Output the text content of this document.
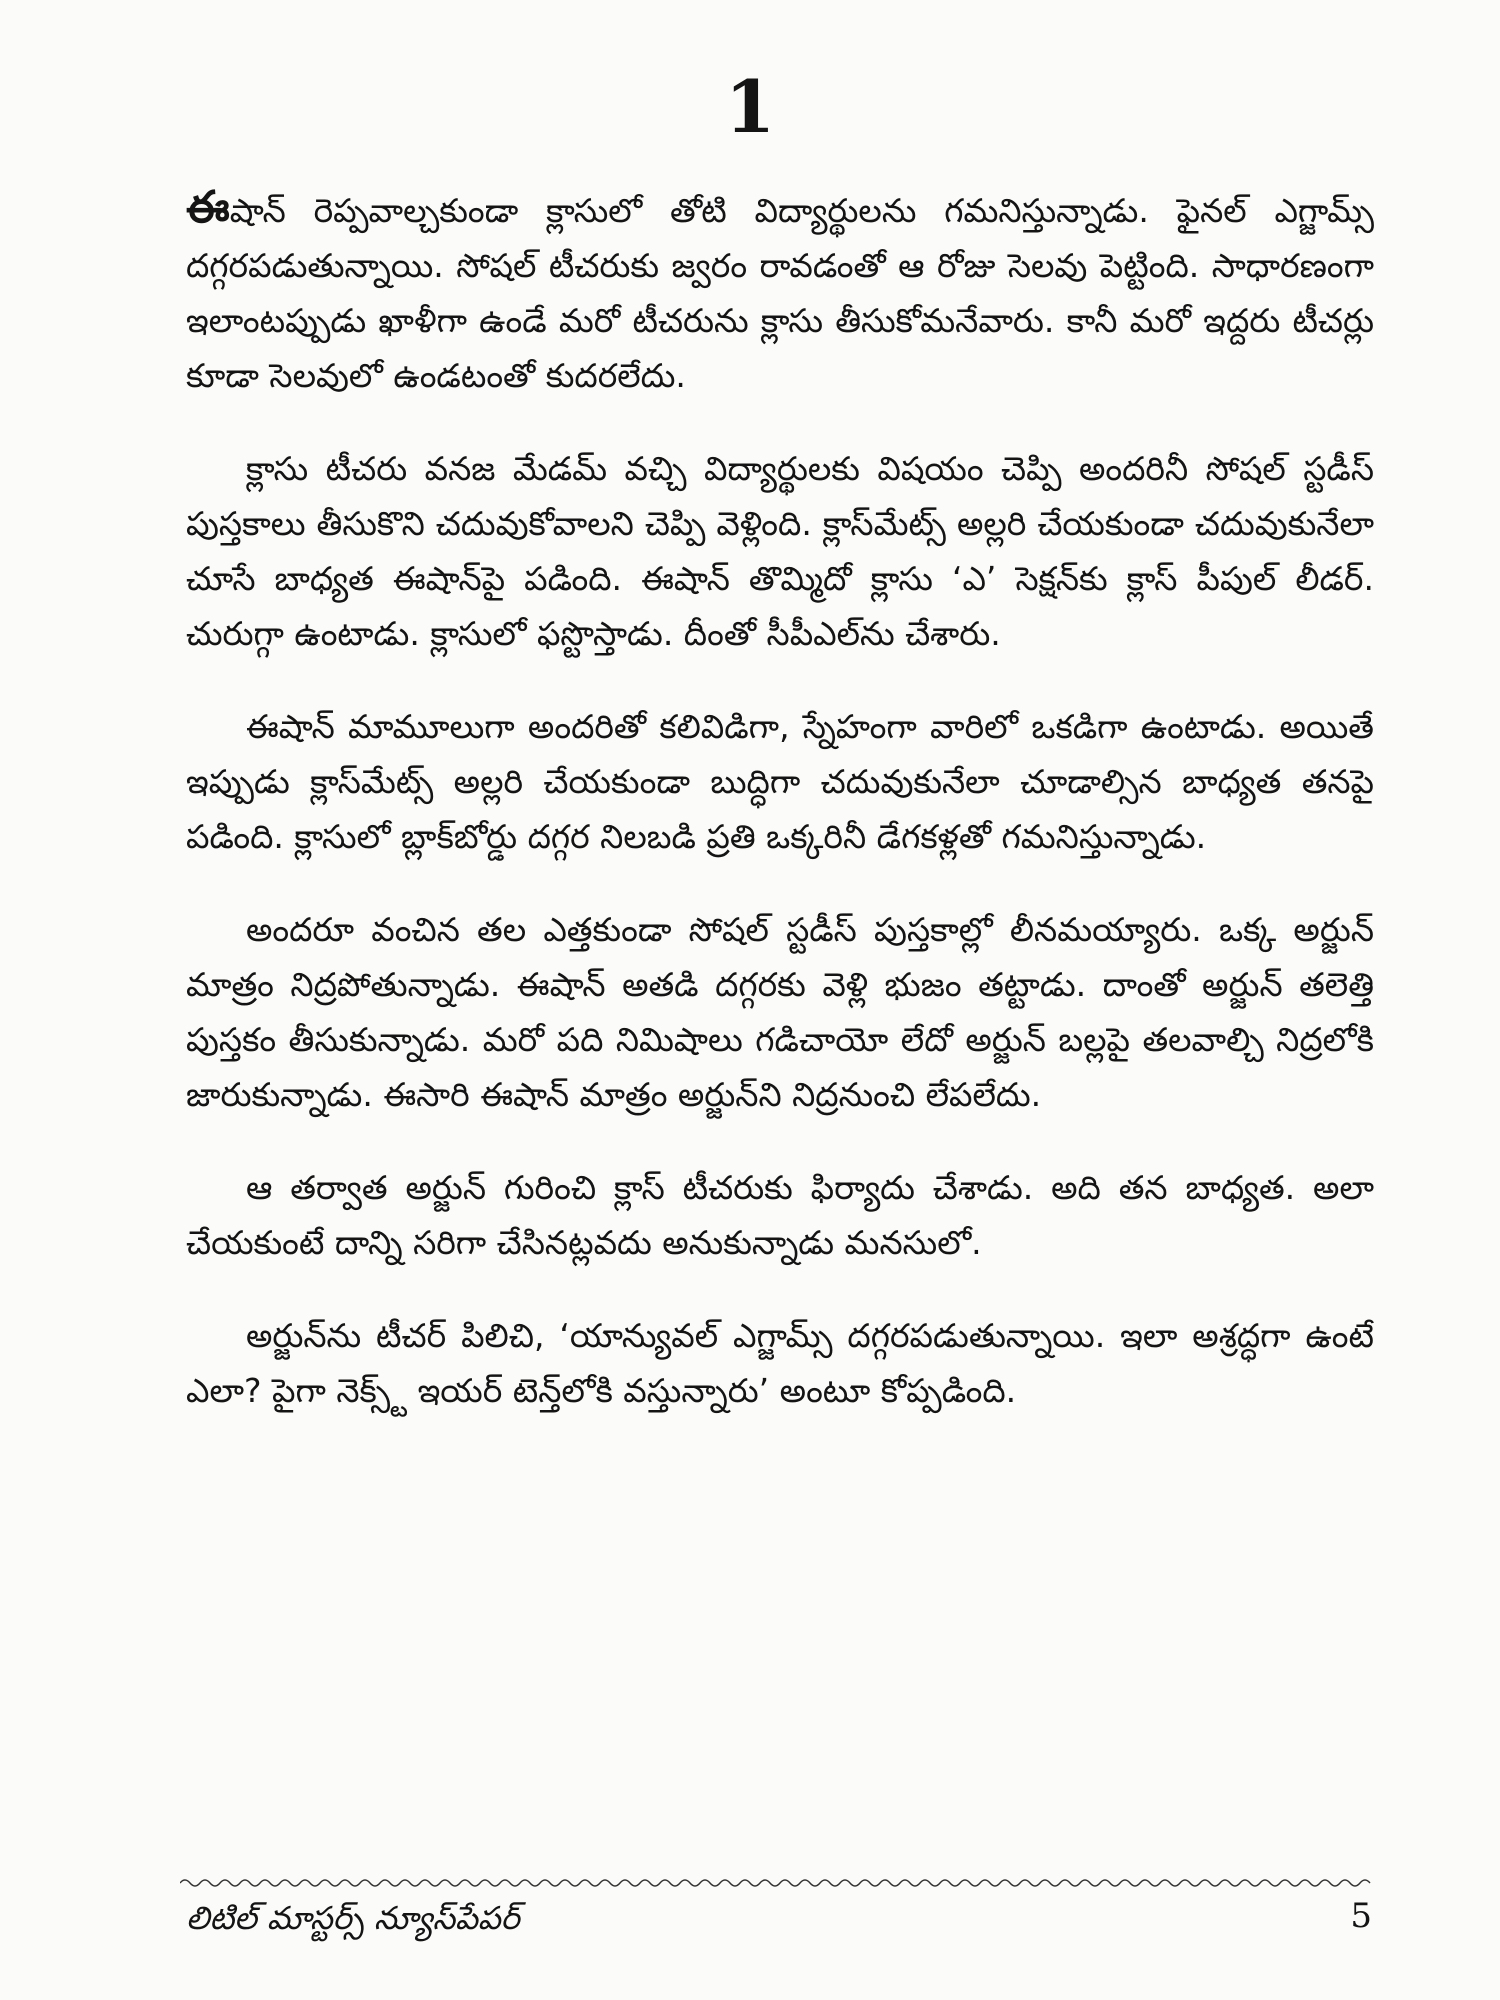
1

ఈషాన్ రెప్పవాల్చకుండా క్లాసులో తోటి విద్యార్థులను గమనిస్తున్నాడు. ఫైనల్ ఎగ్జామ్స్ దగ్గరపడుతున్నాయి. సోషల్ టీచరుకు జ్వరం రావడంతో ఆ రోజు సెలవు పెట్టింది. సాధారణంగా ఇలాంటప్పుడు ఖాళీగా ఉండే మరో టీచరును క్లాసు తీసుకోమనేవారు. కానీ మరో ఇద్దరు టీచర్లు కూడా సెలవులో ఉండటంతో కుదరలేదు.

క్లాసు టీచరు వనజ మేడమ్ వచ్చి విద్యార్థులకు విషయం చెప్పి అందరినీ సోషల్ స్టడీస్ పుస్తకాలు తీసుకొని చదువుకోవాలని చెప్పి వెళ్లింది. క్లాస్‌మేట్స్ అల్లరి చేయకుండా చదువుకునేలా చూసే బాధ్యత ఈషాన్‌పై పడింది. ఈషాన్ తొమ్మిదో క్లాసు ‘ఎ’ సెక్షన్‌కు క్లాస్ పీపుల్ లీడర్. చురుగ్గా ఉంటాడు. క్లాసులో ఫస్టొస్తాడు. దీంతో సీపీఎల్‌ను చేశారు.

ఈషాన్ మామూలుగా అందరితో కలివిడిగా, స్నేహంగా వారిలో ఒకడిగా ఉంటాడు. అయితే ఇప్పుడు క్లాస్‌మేట్స్ అల్లరి చేయకుండా బుద్ధిగా చదువుకునేలా చూడాల్సిన బాధ్యత తనపై పడింది. క్లాసులో బ్లాక్‌బోర్డు దగ్గర నిలబడి ప్రతి ఒక్కరినీ డేగకళ్లతో గమనిస్తున్నాడు.

అందరూ వంచిన తల ఎత్తకుండా సోషల్ స్టడీస్ పుస్తకాల్లో లీనమయ్యారు. ఒక్క అర్జున్ మాత్రం నిద్రపోతున్నాడు. ఈషాన్ అతడి దగ్గరకు వెళ్లి భుజం తట్టాడు. దాంతో అర్జున్ తలెత్తి పుస్తకం తీసుకున్నాడు. మరో పది నిమిషాలు గడిచాయో లేదో అర్జున్ బల్లపై తలవాల్చి నిద్రలోకి జారుకున్నాడు. ఈసారి ఈషాన్ మాత్రం అర్జున్‌ని నిద్రనుంచి లేపలేదు.

ఆ తర్వాత అర్జున్ గురించి క్లాస్ టీచరుకు ఫిర్యాదు చేశాడు. అది తన బాధ్యత. అలా చేయకుంటే దాన్ని సరిగా చేసినట్లవదు అనుకున్నాడు మనసులో.

అర్జున్‌ను టీచర్ పిలిచి, ‘యాన్యువల్ ఎగ్జామ్స్ దగ్గరపడుతున్నాయి. ఇలా అశ్రద్ధగా ఉంటే ఎలా? పైగా నెక్స్ట్ ఇయర్ టెన్త్‌లోకి వస్తున్నారు’ అంటూ కోప్పడింది.

లిటిల్ మాస్టర్స్ న్యూస్‌పేపర్	5
